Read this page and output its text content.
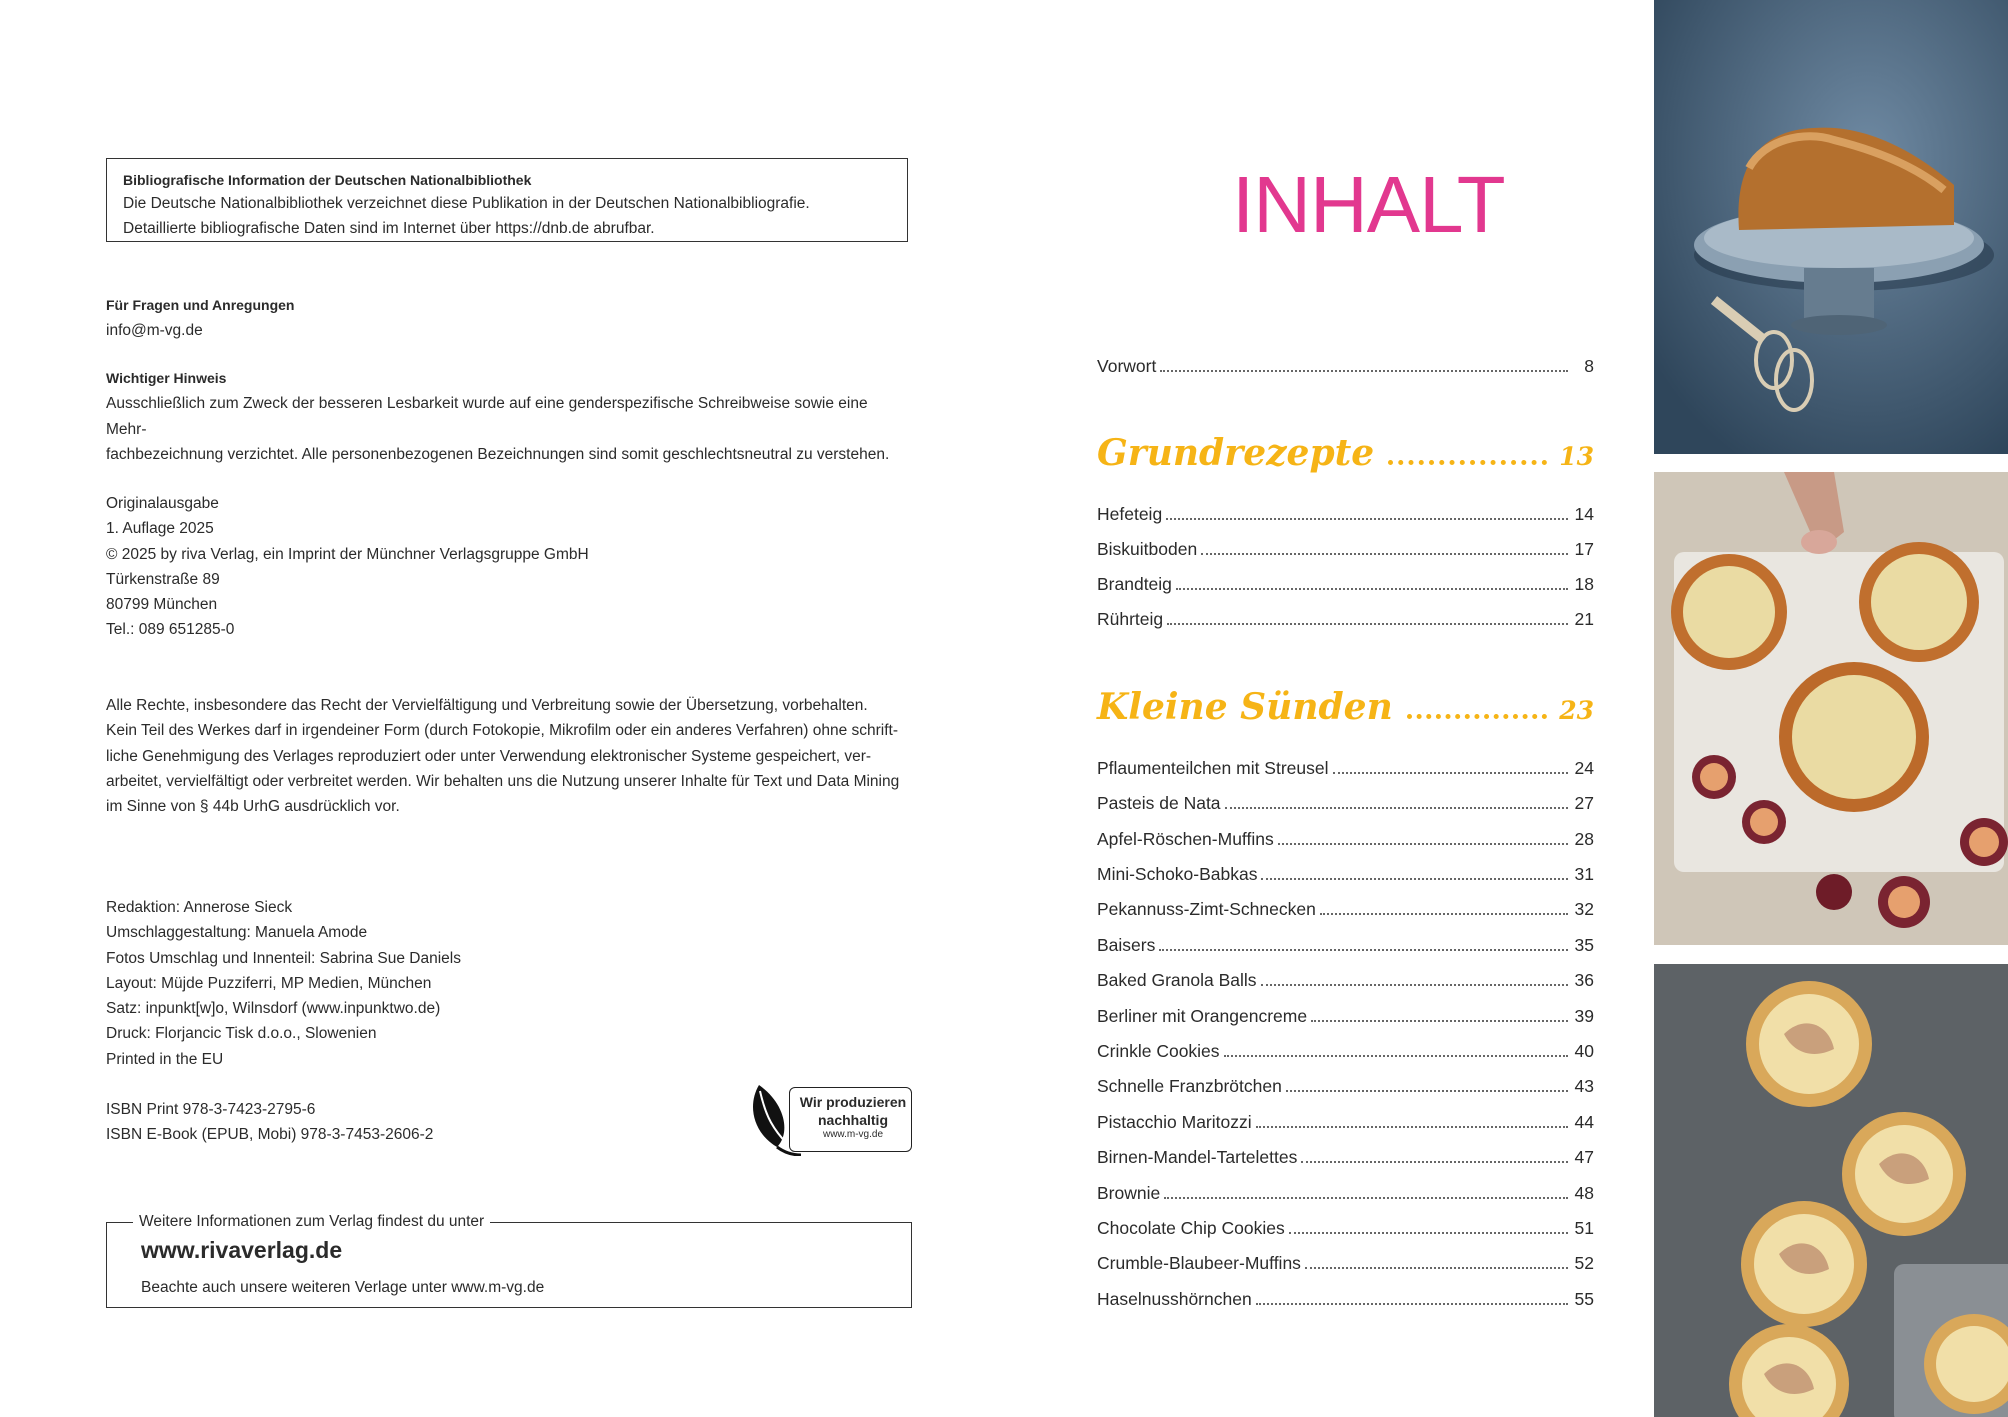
Bibliografische Information der Deutschen Nationalbibliothek
Die Deutsche Nationalbibliothek verzeichnet diese Publikation in der Deutschen Nationalbibliografie.
Detaillierte bibliografische Daten sind im Internet über https://dnb.de abrufbar.
Für Fragen und Anregungen
info@m-vg.de
Wichtiger Hinweis
Ausschließlich zum Zweck der besseren Lesbarkeit wurde auf eine genderspezifische Schreibweise sowie eine Mehr-
fachbezeichnung verzichtet. Alle personenbezogenen Bezeichnungen sind somit geschlechtsneutral zu verstehen.
Originalausgabe
1. Auflage 2025
© 2025 by riva Verlag, ein Imprint der Münchner Verlagsgruppe GmbH
Türkenstraße 89
80799 München
Tel.: 089 651285-0
Alle Rechte, insbesondere das Recht der Vervielfältigung und Verbreitung sowie der Übersetzung, vorbehalten.
Kein Teil des Werkes darf in irgendeiner Form (durch Fotokopie, Mikrofilm oder ein anderes Verfahren) ohne schrift-
liche Genehmigung des Verlages reproduziert oder unter Verwendung elektronischer Systeme gespeichert, ver-
arbeitet, vervielfältigt oder verbreitet werden. Wir behalten uns die Nutzung unserer Inhalte für Text und Data Mining
im Sinne von § 44b UrhG ausdrücklich vor.
Redaktion: Annerose Sieck
Umschlaggestaltung: Manuela Amode
Fotos Umschlag und Innenteil: Sabrina Sue Daniels
Layout: Müjde Puzziferri, MP Medien, München
Satz: inpunkt[w]o, Wilnsdorf (www.inpunktwo.de)
Druck: Florjancic Tisk d.o.o., Slowenien
Printed in the EU
ISBN Print 978-3-7423-2795-6
ISBN E-Book (EPUB, Mobi) 978-3-7453-2606-2
Wir produzieren
nachhaltig
www.m-vg.de
Weitere Informationen zum Verlag findest du unter
www.rivaverlag.de
Beachte auch unsere weiteren Verlage unter www.m-vg.de
INHALT
Vorwort	8
Grundrezepte	13
Hefeteig	14
Biskuitboden	17
Brandteig	18
Rührteig	21
Kleine Sünden	23
Pflaumenteilchen mit Streusel	24
Pasteis de Nata	27
Apfel-Röschen-Muffins	28
Mini-Schoko-Babkas	31
Pekannuss-Zimt-Schnecken	32
Baisers	35
Baked Granola Balls	36
Berliner mit Orangencreme	39
Crinkle Cookies	40
Schnelle Franzbrötchen	43
Pistacchio Maritozzi	44
Birnen-Mandel-Tartelettes	47
Brownie	48
Chocolate Chip Cookies	51
Crumble-Blaubeer-Muffins	52
Haselnusshörnchen	55
